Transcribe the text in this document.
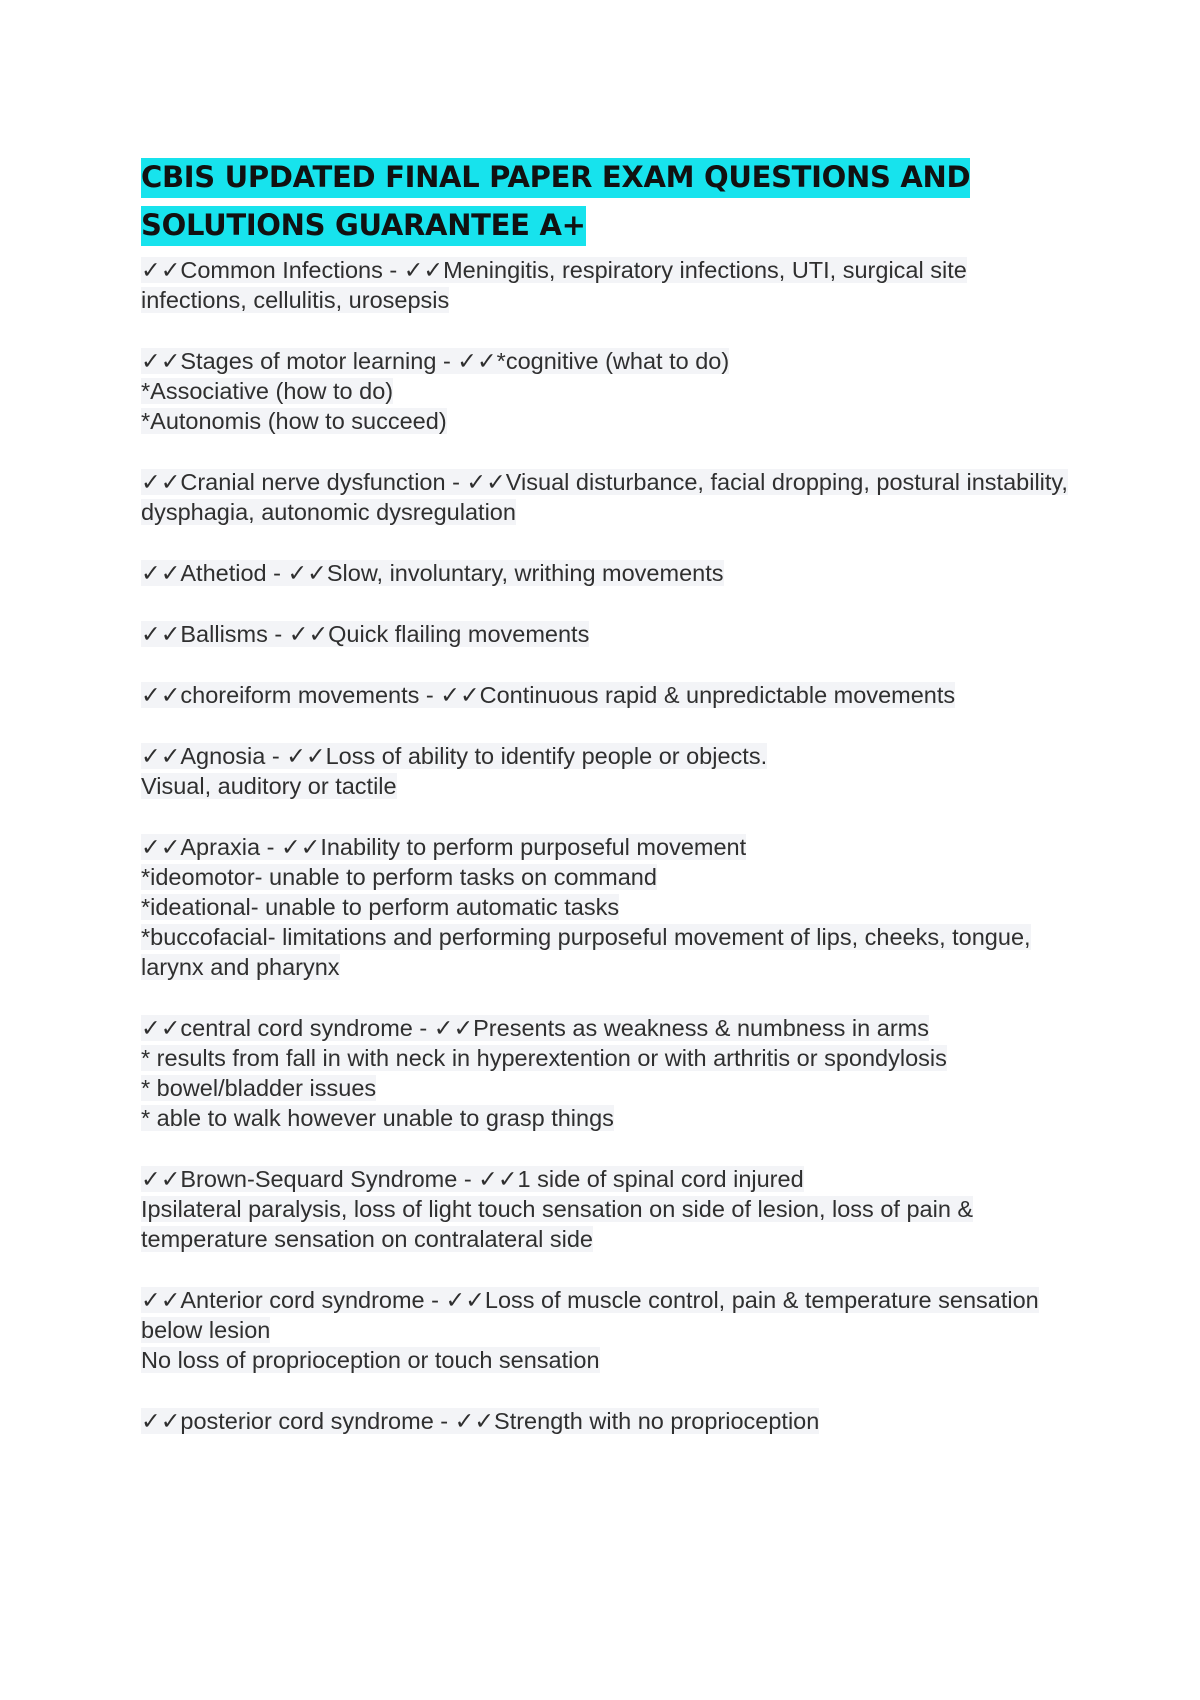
CBIS UPDATED FINAL PAPER EXAM QUESTIONS AND
SOLUTIONS GUARANTEE A+
✓✓Common Infections - ✓✓Meningitis, respiratory infections, UTI, surgical site infections, cellulitis, urosepsis
✓✓Stages of motor learning - ✓✓*cognitive (what to do)
*Associative (how to do)
*Autonomis (how to succeed)
✓✓Cranial nerve dysfunction - ✓✓Visual disturbance, facial dropping, postural instability, dysphagia, autonomic dysregulation
✓✓Athetiod - ✓✓Slow, involuntary, writhing movements
✓✓Ballisms - ✓✓Quick flailing movements
✓✓choreiform movements - ✓✓Continuous rapid & unpredictable movements
✓✓Agnosia - ✓✓Loss of ability to identify people or objects.
Visual, auditory or tactile
✓✓Apraxia - ✓✓Inability to perform purposeful movement
*ideomotor- unable to perform tasks on command
*ideational- unable to perform automatic tasks
*buccofacial- limitations and performing purposeful movement of lips, cheeks, tongue, larynx and pharynx
✓✓central cord syndrome - ✓✓Presents as weakness & numbness in arms
* results from fall in with neck in hyperextention or with arthritis or spondylosis
* bowel/bladder issues
* able to walk however unable to grasp things
✓✓Brown-Sequard Syndrome - ✓✓1 side of spinal cord injured
Ipsilateral paralysis, loss of light touch sensation on side of lesion, loss of pain & temperature sensation on contralateral side
✓✓Anterior cord syndrome - ✓✓Loss of muscle control, pain & temperature sensation below lesion
No loss of proprioception or touch sensation
✓✓posterior cord syndrome - ✓✓Strength with no proprioception
